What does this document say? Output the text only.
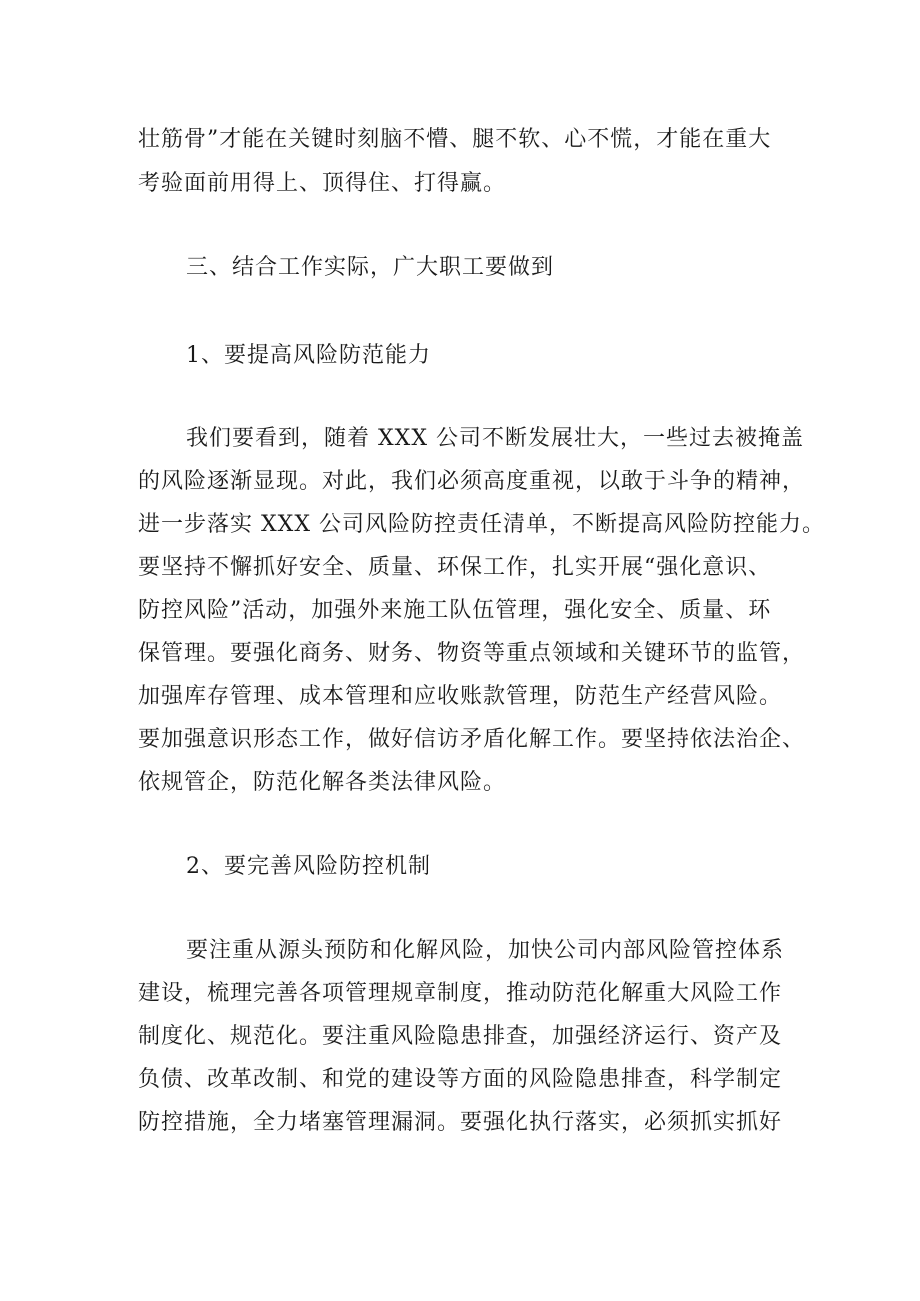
壮筋骨”才能在关键时刻脑不懵、腿不软、心不慌，才能在重大
考验面前用得上、顶得住、打得赢。
三、结合工作实际，广大职工要做到
1、要提高风险防范能力
我们要看到，随着 XXX 公司不断发展壮大，一些过去被掩盖
的风险逐渐显现。对此，我们必须高度重视，以敢于斗争的精神，
进一步落实 XXX 公司风险防控责任清单，不断提高风险防控能力。
要坚持不懈抓好安全、质量、环保工作，扎实开展“强化意识、
防控风险”活动，加强外来施工队伍管理，强化安全、质量、环
保管理。要强化商务、财务、物资等重点领域和关键环节的监管，
加强库存管理、成本管理和应收账款管理，防范生产经营风险。
要加强意识形态工作，做好信访矛盾化解工作。要坚持依法治企、
依规管企，防范化解各类法律风险。
2、要完善风险防控机制
要注重从源头预防和化解风险，加快公司内部风险管控体系
建设，梳理完善各项管理规章制度，推动防范化解重大风险工作
制度化、规范化。要注重风险隐患排查，加强经济运行、资产及
负债、改革改制、和党的建设等方面的风险隐患排查，科学制定
防控措施，全力堵塞管理漏洞。要强化执行落实，必须抓实抓好
